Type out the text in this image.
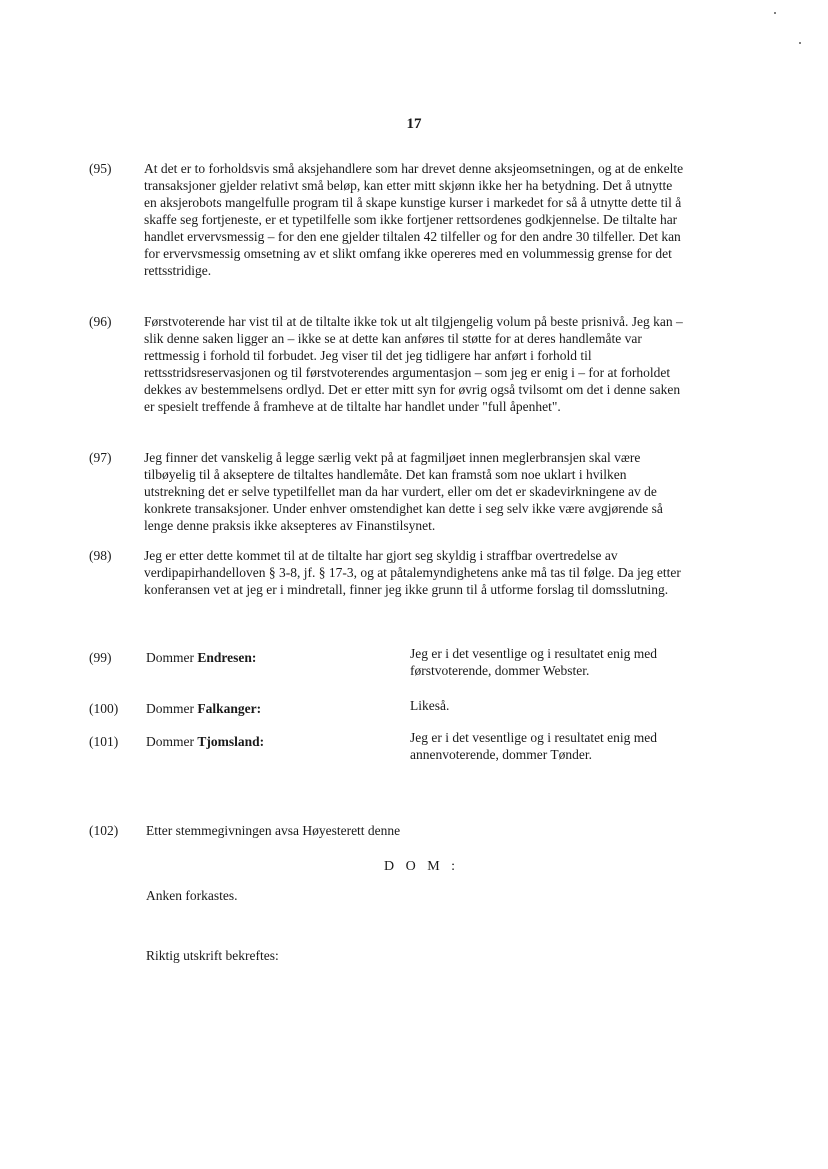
17
(95) At det er to forholdsvis små aksjehandlere som har drevet denne aksjeomsetningen, og at de enkelte transaksjoner gjelder relativt små beløp, kan etter mitt skjønn ikke her ha betydning. Det å utnytte en aksjerobots mangelfulle program til å skape kunstige kurser i markedet for så å utnytte dette til å skaffe seg fortjeneste, er et typetilfelle som ikke fortjener rettsordenes godkjennelse. De tiltalte har handlet ervervsmessig – for den ene gjelder tiltalen 42 tilfeller og for den andre 30 tilfeller. Det kan for ervervsmessig omsetning av et slikt omfang ikke opereres med en volummessig grense for det rettsstridige.

(96) Førstvoterende har vist til at de tiltalte ikke tok ut alt tilgjengelig volum på beste prisnivå. Jeg kan – slik denne saken ligger an – ikke se at dette kan anføres til støtte for at deres handlemåte var rettmessig i forhold til forbudet. Jeg viser til det jeg tidligere har anført i forhold til rettsstridsreservasjonen og til førstvoterendes argumentasjon – som jeg er enig i – for at forholdet dekkes av bestemmelsens ordlyd. Det er etter mitt syn for øvrig også tvilsomt om det i denne saken er spesielt treffende å framheve at de tiltalte har handlet under "full åpenhet".

(97) Jeg finner det vanskelig å legge særlig vekt på at fagmiljøet innen meglerbransjen skal være tilbøyelig til å akseptere de tiltaltes handlemåte. Det kan framstå som noe uklart i hvilken utstrekning det er selve typetilfellet man da har vurdert, eller om det er skadevirkningene av de konkrete transaksjoner. Under enhver omstendighet kan dette i seg selv ikke være avgjørende så lenge denne praksis ikke aksepteres av Finanstilsynet.

(98) Jeg er etter dette kommet til at de tiltalte har gjort seg skyldig i straffbar overtredelse av verdipapirhandelloven § 3-8, jf. § 17-3, og at påtalemyndighetens anke må tas til følge. Da jeg etter konferansen vet at jeg er i mindretall, finner jeg ikke grunn til å utforme forslag til domsslutning.

(99)	Dommer Endresen:	Jeg er i det vesentlige og i resultatet enig med førstvoterende, dommer Webster.
(100) Dommer Falkanger:	Likeså.
(101) Dommer Tjomsland:	Jeg er i det vesentlige og i resultatet enig med annenvoterende, dommer Tønder.
(102) Etter stemmegivningen avsa Høyesterett denne
D O M :
Anken forkastes.
Riktig utskrift bekreftes:
